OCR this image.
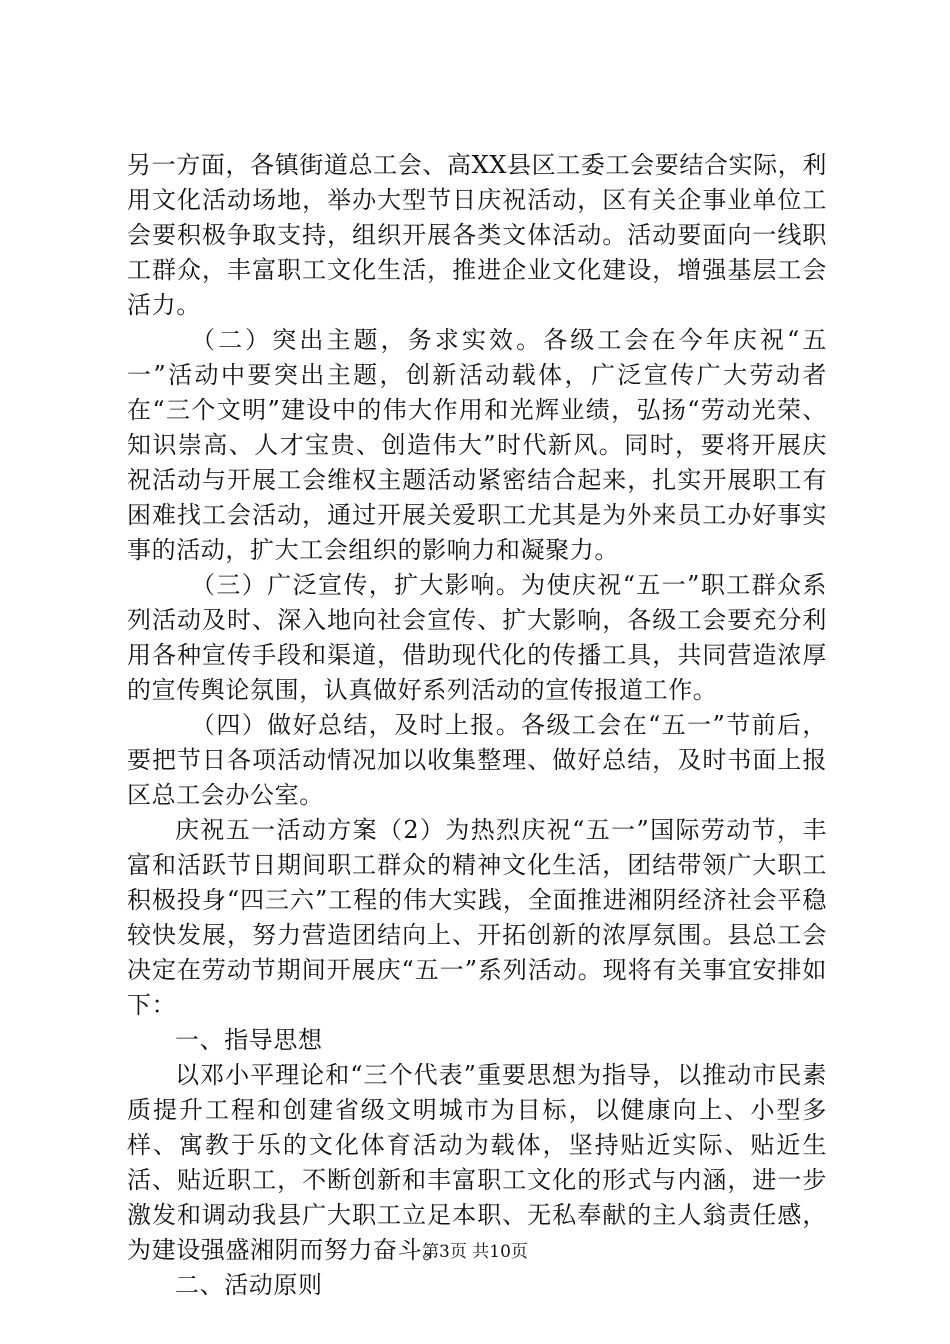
另一方面，各镇街道总工会、高XX县区工委工会要结合实际，利用文化活动场地，举办大型节日庆祝活动，区有关企事业单位工会要积极争取支持，组织开展各类文体活动。活动要面向一线职工群众，丰富职工文化生活，推进企业文化建设，增强基层工会活力。

（二）突出主题，务求实效。各级工会在今年庆祝“五一”活动中要突出主题，创新活动载体，广泛宣传广大劳动者在“三个文明”建设中的伟大作用和光辉业绩，弘扬“劳动光荣、知识崇高、人才宝贵、创造伟大”时代新风。同时，要将开展庆祝活动与开展工会维权主题活动紧密结合起来，扎实开展职工有困难找工会活动，通过开展关爱职工尤其是为外来员工办好事实事的活动，扩大工会组织的影响力和凝聚力。

（三）广泛宣传，扩大影响。为使庆祝“五一”职工群众系列活动及时、深入地向社会宣传、扩大影响，各级工会要充分利用各种宣传手段和渠道，借助现代化的传播工具，共同营造浓厚的宣传舆论氛围，认真做好系列活动的宣传报道工作。

（四）做好总结，及时上报。各级工会在“五一”节前后，要把节日各项活动情况加以收集整理、做好总结，及时书面上报区总工会办公室。

庆祝五一活动方案（2）为热烈庆祝“五一”国际劳动节，丰富和活跃节日期间职工群众的精神文化生活，团结带领广大职工积极投身“四三六”工程的伟大实践，全面推进湘阴经济社会平稳较快发展，努力营造团结向上、开拓创新的浓厚氛围。县总工会决定在劳动节期间开展庆“五一”系列活动。现将有关事宜安排如下：

一、指导思想

以邓小平理论和“三个代表”重要思想为指导，以推动市民素质提升工程和创建省级文明城市为目标，以健康向上、小型多样、寓教于乐的文化体育活动为载体，坚持贴近实际、贴近生活、贴近职工，不断创新和丰富职工文化的形式与内涵，进一步激发和调动我县广大职工立足本职、无私奉献的主人翁责任感，为建设强盛湘阴而努力奋斗。

二、活动原则

第3页 共10页
